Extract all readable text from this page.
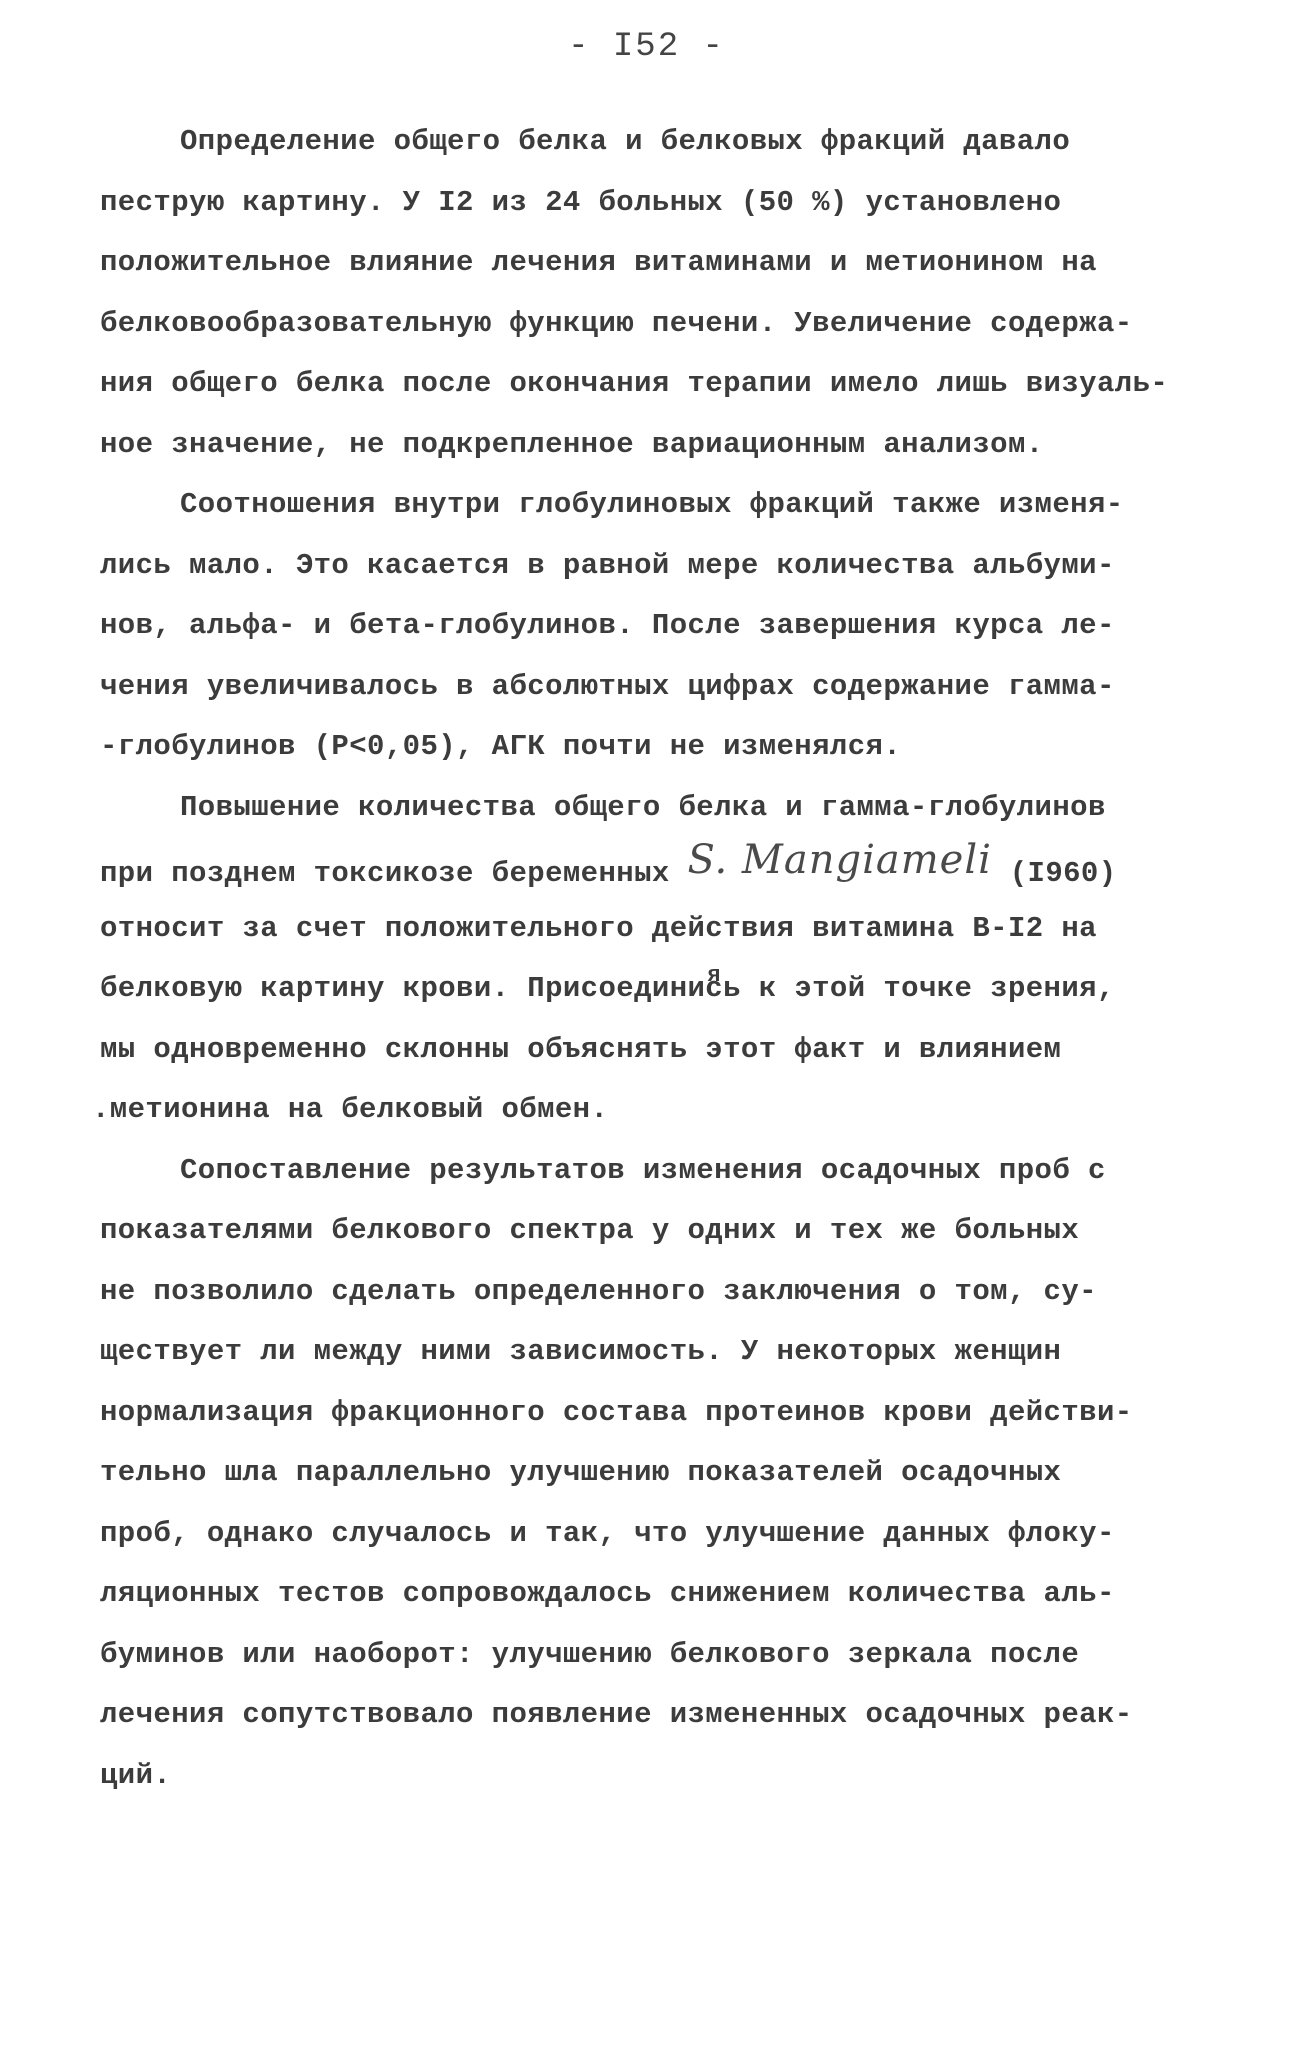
- I52 -
Определение общего белка и белковых фракций давало
пеструю картину. У I2 из 24 больных (50 %) установлено
положительное влияние лечения витаминами и метионином на
белковообразовательную функцию печени. Увеличение содержа-
ния общего белка после окончания терапии имело лишь визуаль-
ное значение, не подкрепленное вариационным анализом.
Соотношения внутри глобулиновых фракций также изменя-
лись мало. Это касается в равной мере количества альбуми-
нов, альфа- и бета-глобулинов. После завершения курса ле-
чения увеличивалось в абсолютных цифрах содержание гамма-
-глобулинов (Р<0,05), АГК почти не изменялся.
Повышение количества общего белка и гамма-глобулинов
при позднем токсикозе беременных S. Mangiameli (I960)
относит за счет положительного действия витамина В-I2 на
белковую картину крови. Присоединис яь к этой точке зрения,
мы одновременно склонны объяснять этот факт и влиянием
.метионина на белковый обмен.
Сопоставление результатов изменения осадочных проб с
показателями белкового спектра у одних и тех же больных
не позволило сделать определенного заключения о том, су-
ществует ли между ними зависимость. У некоторых женщин
нормализация фракционного состава протеинов крови действи-
тельно шла параллельно улучшению показателей осадочных
проб, однако случалось и так, что улучшение данных флоку-
ляционных тестов сопровождалось снижением количества аль-
буминов или наоборот: улучшению белкового зеркала после
лечения сопутствовало появление измененных осадочных реак-
ций.
